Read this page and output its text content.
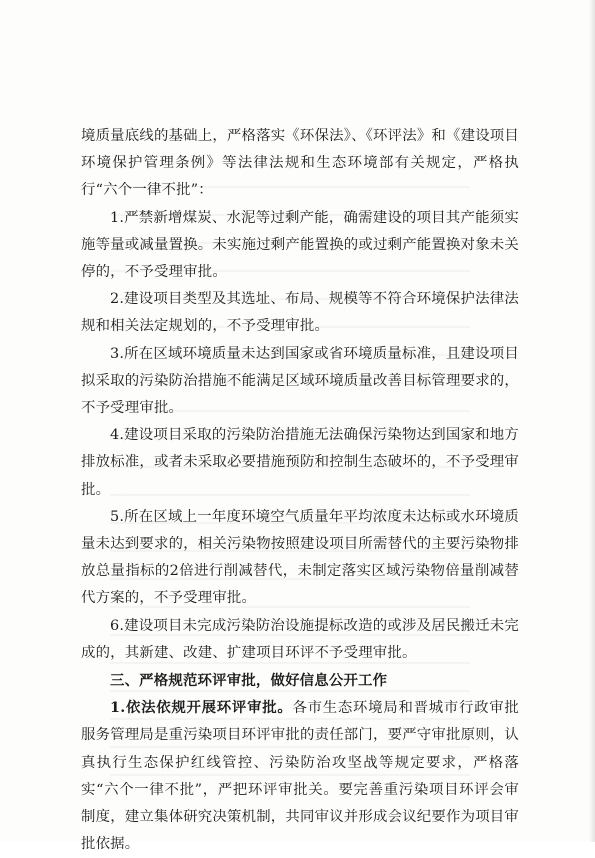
境质量底线的基础上，严格落实《环保法》、《环评法》和《建设项目环境保护管理条例》等法律法规和生态环境部有关规定，严格执行“六个一律不批”：

1.严禁新增煤炭、水泥等过剩产能，确需建设的项目其产能须实施等量或减量置换。未实施过剩产能置换的或过剩产能置换对象未关停的，不予受理审批。

2.建设项目类型及其选址、布局、规模等不符合环境保护法律法规和相关法定规划的，不予受理审批。

3.所在区域环境质量未达到国家或省环境质量标准，且建设项目拟采取的污染防治措施不能满足区域环境质量改善目标管理要求的，不予受理审批。

4.建设项目采取的污染防治措施无法确保污染物达到国家和地方排放标准，或者未采取必要措施预防和控制生态破坏的，不予受理审批。

5.所在区域上一年度环境空气质量年平均浓度未达标或水环境质量未达到要求的，相关污染物按照建设项目所需替代的主要污染物排放总量指标的2倍进行削减替代，未制定落实区域污染物倍量削减替代方案的，不予受理审批。

6.建设项目未完成污染防治设施提标改造的或涉及居民搬迁未完成的，其新建、改建、扩建项目环评不予受理审批。

三、严格规范环评审批，做好信息公开工作

1.依法依规开展环评审批。各市生态环境局和晋城市行政审批服务管理局是重污染项目环评审批的责任部门，要严守审批原则，认真执行生态保护红线管控、污染防治攻坚战等规定要求，严格落实“六个一律不批”，严把环评审批关。要完善重污染项目环评会审制度，建立集体研究决策机制，共同审议并形成会议纪要作为项目审批依据。
